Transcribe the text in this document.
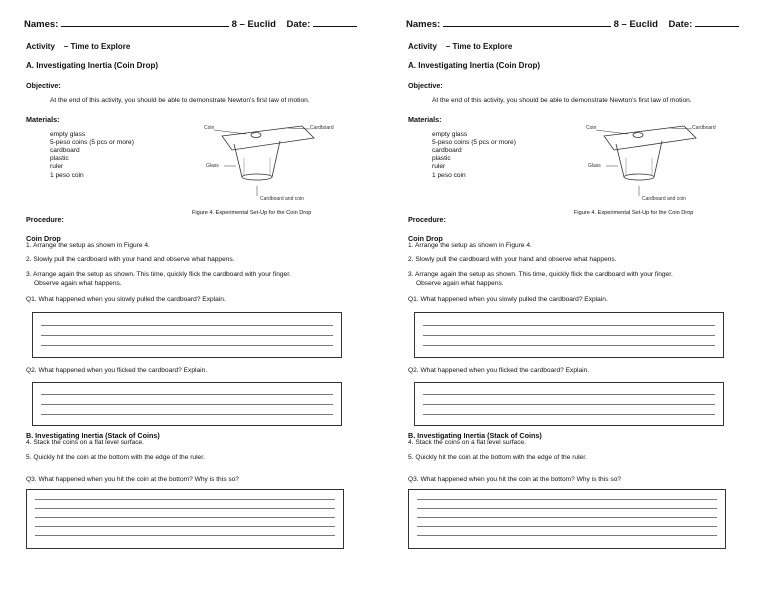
Names:	8 – Euclid Date:
Activity – Time to Explore
A. Investigating Inertia (Coin Drop)
Objective:
At the end of this activity, you should be able to demonstrate Newton’s first law of motion.
Materials:
empty glass
5-peso coins (5 pcs or more)
cardboard
plastic
ruler
1 peso coin
Coin	Cardboard
Glass
Cardboard and coin
Figure 4. Experimental Set-Up for the Coin Drop
Procedure:
Coin Drop
1. Arrange the setup as shown in Figure 4.
2. Slowly pull the cardboard with your hand and observe what happens.
3. Arrange again the setup as shown. This time, quickly flick the cardboard with your finger.
Observe again what happens.
Q1. What happened when you slowly pulled the cardboard? Explain.
Q2. What happened when you flicked the cardboard? Explain.
B. Investigating Inertia (Stack of Coins)
4. Stack the coins on a flat level surface.
5. Quickly hit the coin at the bottom with the edge of the ruler.
Q3. What happened when you hit the coin at the bottom? Why is this so?
Names:	8 – Euclid Date:
Activity – Time to Explore
A. Investigating Inertia (Coin Drop)
Objective:
At the end of this activity, you should be able to demonstrate Newton’s first law of motion.
Materials:
empty glass
5-peso coins (5 pcs or more)
cardboard
plastic
ruler
1 peso coin
Coin	Cardboard
Glass
Cardboard and coin
Figure 4. Experimental Set-Up for the Coin Drop
Procedure:
Coin Drop
1. Arrange the setup as shown in Figure 4.
2. Slowly pull the cardboard with your hand and observe what happens.
3. Arrange again the setup as shown. This time, quickly flick the cardboard with your finger.
Observe again what happens.
Q1. What happened when you slowly pulled the cardboard? Explain.
Q2. What happened when you flicked the cardboard? Explain.
B. Investigating Inertia (Stack of Coins)
4. Stack the coins on a flat level surface.
5. Quickly hit the coin at the bottom with the edge of the ruler.
Q3. What happened when you hit the coin at the bottom? Why is this so?
